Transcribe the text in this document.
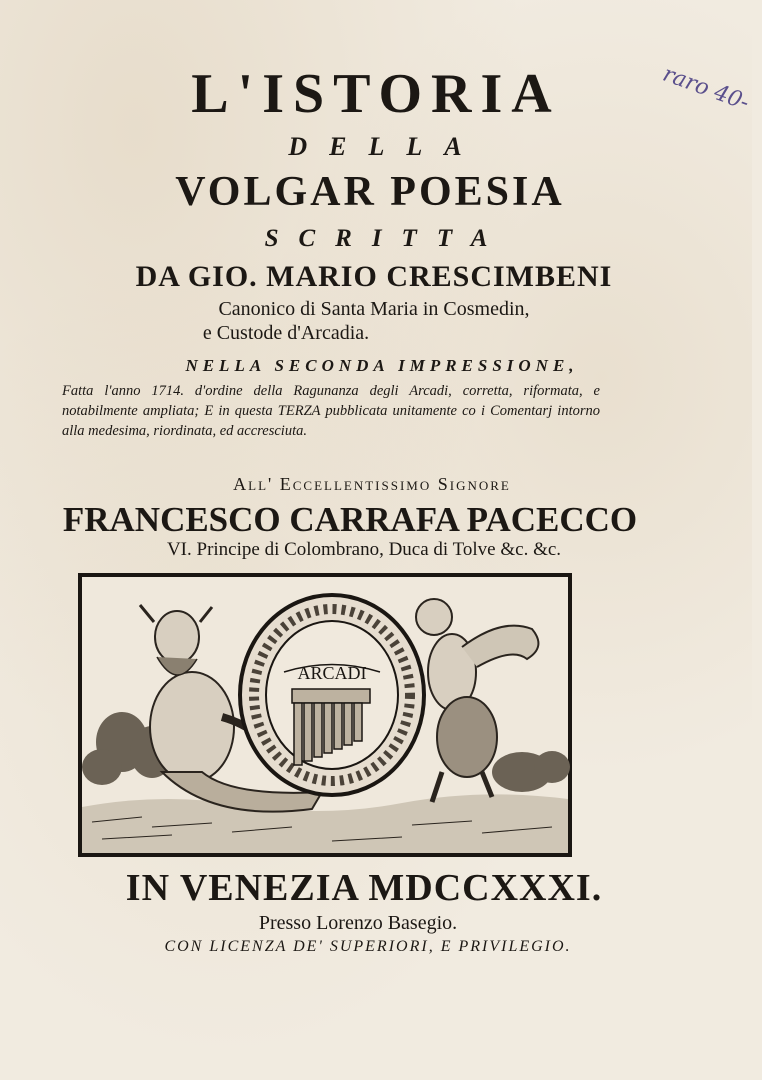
L'ISTORIA
DELLA
VOLGAR POESIA
SCRITTA
DA GIO. MARIO CRESCIMBENI
Canonico di Santa Maria in Cosmedin,
e Custode d'Arcadia.
NELLA SECONDA IMPRESSIONE,
Fatta l'anno 1714. d'ordine della Ragunanza degli Arcadi, corretta, riformata, e notabilmente ampliata; E in questa TERZA pubblicata unitamente co i Comentarj intorno alla medesima, riordinata, ed accresciuta.
All' Eccellentissimo Signore
FRANCESCO CARRAFA PACECCO
VI. Principe di Colombrano, Duca di Tolve &c. &c.
ARCADI
IN VENEZIA MDCCXXXI.
Presso Lorenzo Basegio.
CON LICENZA DE' SUPERIORI, E PRIVILEGIO.
raro 40-
